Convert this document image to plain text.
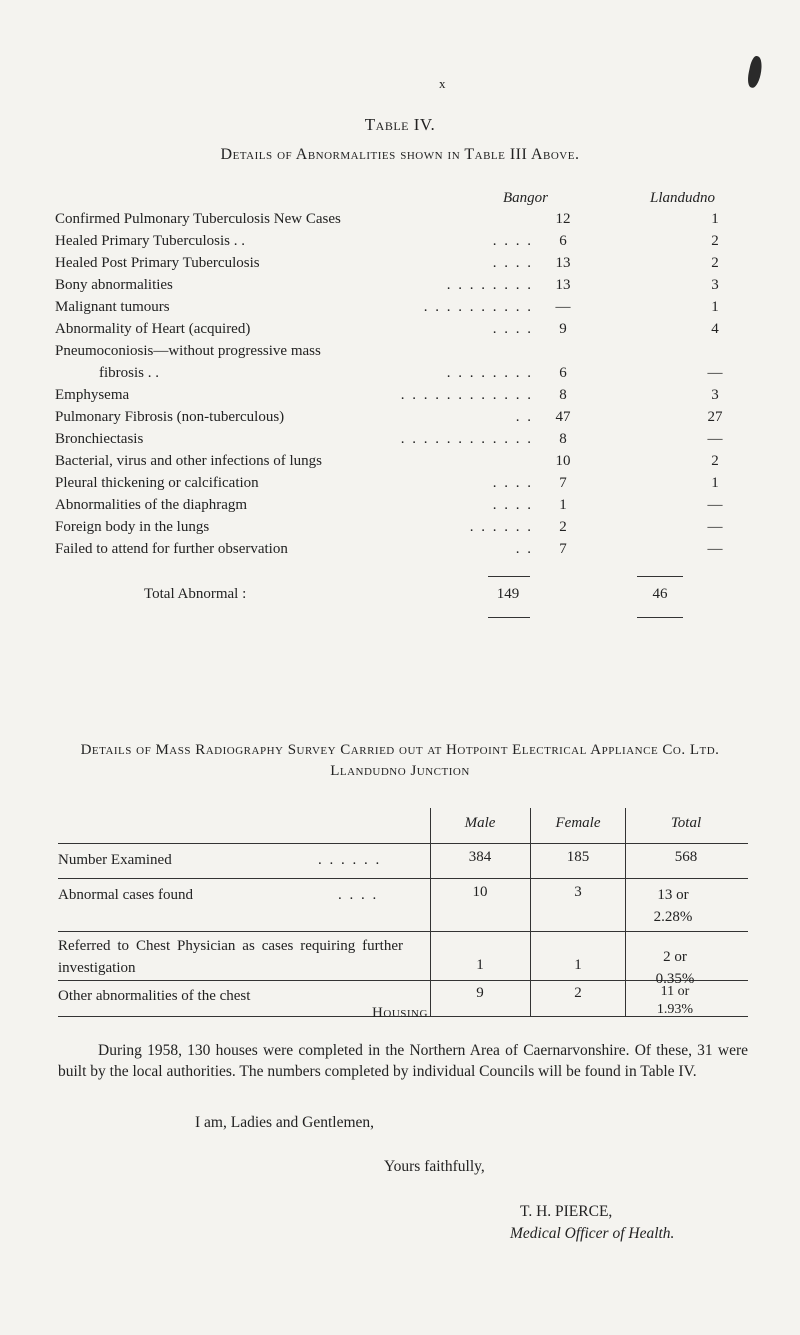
x
Table IV.
Details of Abnormalities shown in Table III Above.
Bangor	Llandudno
Confirmed Pulmonary Tuberculosis New Cases	12	1
Healed Primary Tuberculosis . .	. . . .	6	2
Healed Post Primary Tuberculosis	. . . .	13	2
Bony abnormalities	. . . . . . . .	13	3
Malignant tumours	. . . . . . . . . .	—	1
Abnormality of Heart (acquired)	. . . .	9	4
Pneumoconiosis—without progressive mass
fibrosis . .	. . . . . . . .	6	—
Emphysema	. . . . . . . . . . . .	8	3
Pulmonary Fibrosis (non-tuberculous)	. .	47	27
Bronchiectasis	. . . . . . . . . . . .	8	—
Bacterial, virus and other infections of lungs	10	2
Pleural thickening or calcification	. . . .	7	1
Abnormalities of the diaphragm	. . . .	1	—
Foreign body in the lungs	. . . . . .	2	—
Failed to attend for further observation	. .	7	—
Total Abnormal :	149	46
Details of Mass Radiography Survey Carried out at Hotpoint Electrical Appliance Co. Ltd.
Llandudno Junction
Male	Female	Total
Number Examined	. . . . . .	384	185	568
Abnormal cases found	. . . .	10	3	13 or 2.28%
Referred to Chest Physician as cases requiring further investigation	1	1	2 or 0.35%
Other abnormalities of the chest	9	2	11 or 1.93%
Housing
During 1958, 130 houses were completed in the Northern Area of Caernarvonshire. Of these, 31 were built by the local authorities. The numbers completed by individual Councils will be found in Table IV.
I am, Ladies and Gentlemen,
Yours faithfully,
T. H. PIERCE,
Medical Officer of Health.
